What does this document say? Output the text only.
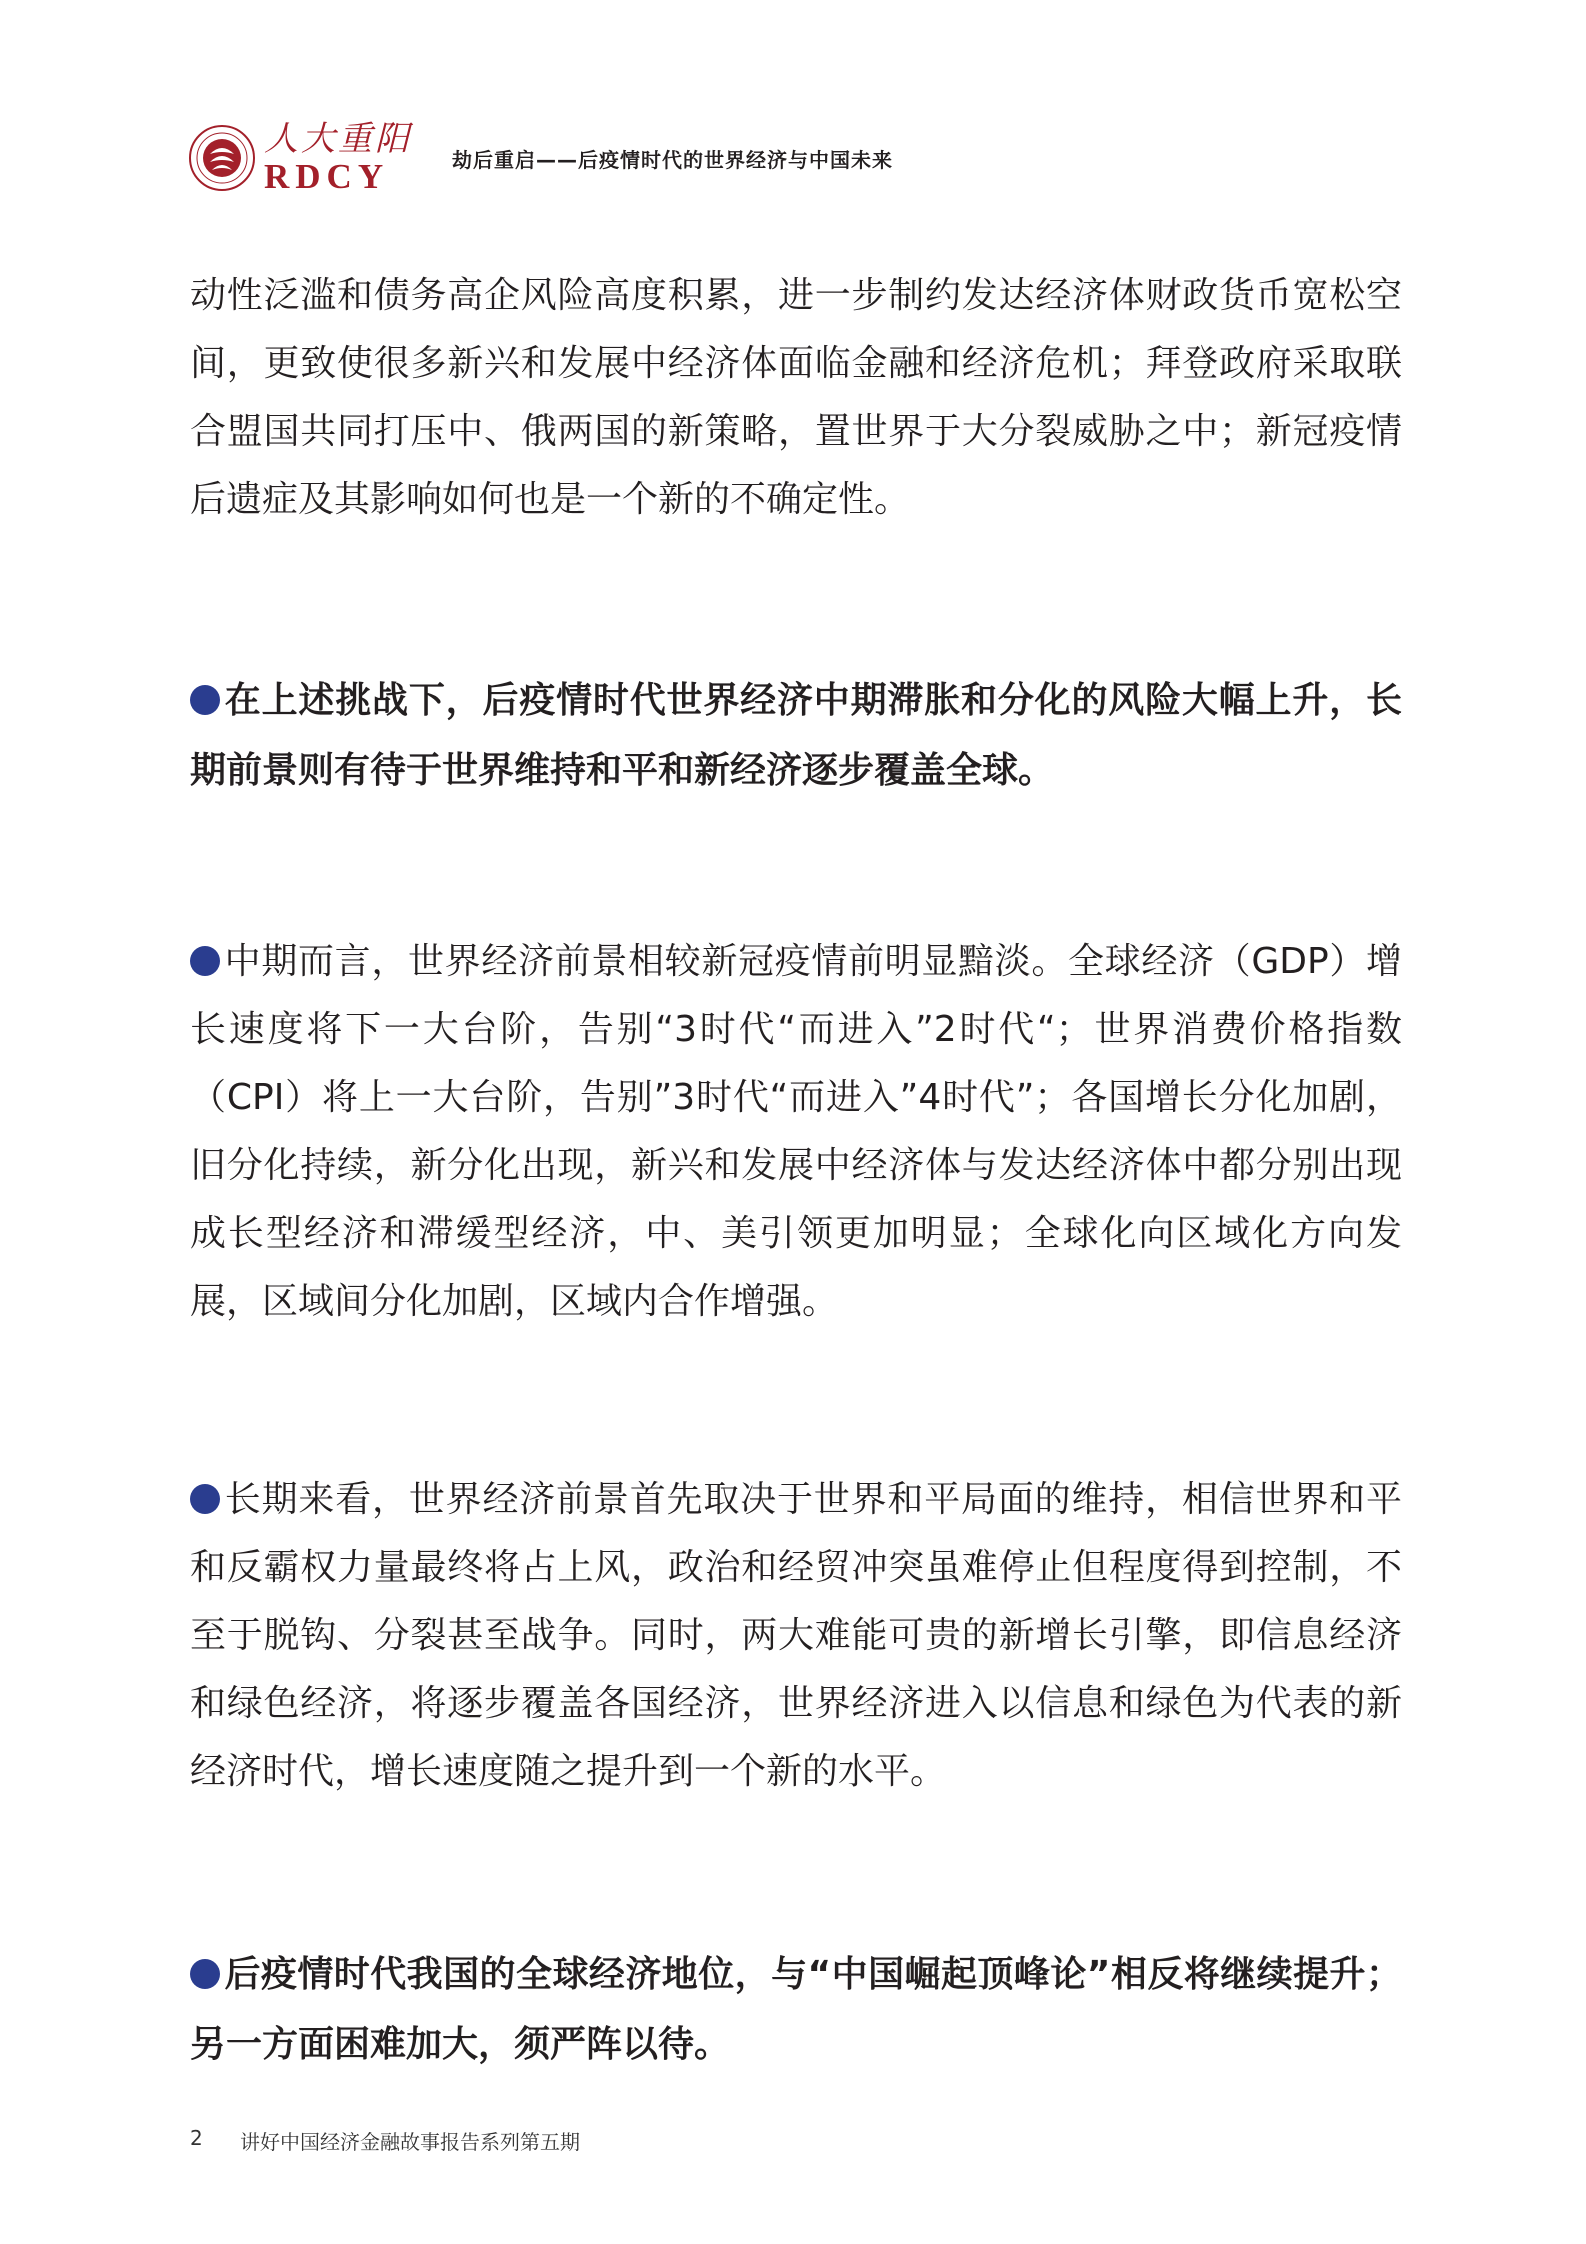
人大重阳
RDCY	劫后重启——后疫情时代的世界经济与中国未来

动性泛滥和债务高企风险高度积累，进一步制约发达经济体财政货币宽松空间，更致使很多新兴和发展中经济体面临金融和经济危机；拜登政府采取联合盟国共同打压中、俄两国的新策略，置世界于大分裂威胁之中；新冠疫情后遗症及其影响如何也是一个新的不确定性。

在上述挑战下，后疫情时代世界经济中期滞胀和分化的风险大幅上升，长期前景则有待于世界维持和平和新经济逐步覆盖全球。

中期而言，世界经济前景相较新冠疫情前明显黯淡。全球经济（GDP）增长速度将下一大台阶，告别“3时代“而进入”2时代“；世界消费价格指数（CPI）将上一大台阶，告别”3时代“而进入”4时代”；各国增长分化加剧，旧分化持续，新分化出现，新兴和发展中经济体与发达经济体中都分别出现成长型经济和滞缓型经济，中、美引领更加明显；全球化向区域化方向发展，区域间分化加剧，区域内合作增强。

长期来看，世界经济前景首先取决于世界和平局面的维持，相信世界和平和反霸权力量最终将占上风，政治和经贸冲突虽难停止但程度得到控制，不至于脱钩、分裂甚至战争。同时，两大难能可贵的新增长引擎，即信息经济和绿色经济，将逐步覆盖各国经济，世界经济进入以信息和绿色为代表的新经济时代，增长速度随之提升到一个新的水平。

后疫情时代我国的全球经济地位，与“中国崛起顶峰论”相反将继续提升；另一方面困难加大，须严阵以待。

2	讲好中国经济金融故事报告系列第五期
